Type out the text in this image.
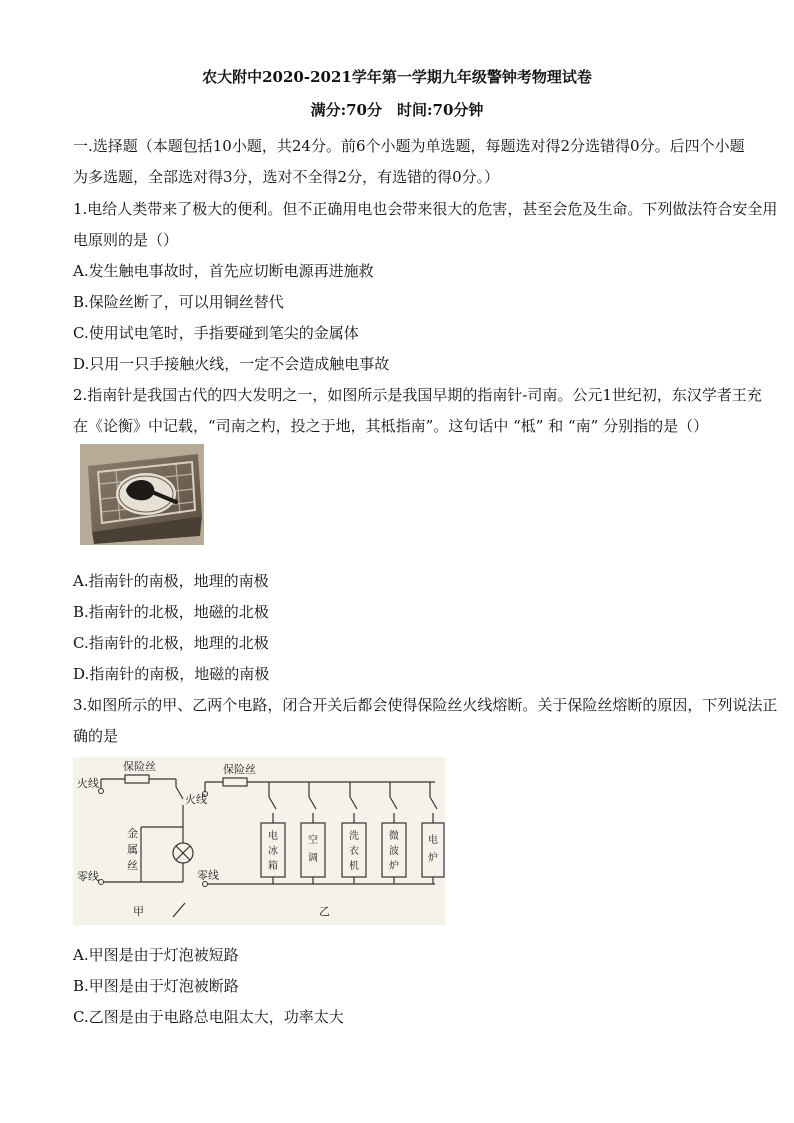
农大附中2020-2021学年第一学期九年级警钟考物理试卷
满分:70分　时间:70分钟
一.选择题（本题包括10小题，共24分。前6个小题为单选题，每题选对得2分选错得0分。后四个小题
为多选题，全部选对得3分，选对不全得2分，有选错的得0分。）
1.电给人类带来了极大的便利。但不正确用电也会带来很大的危害，甚至会危及生命。下列做法符合安全用
电原则的是（）
A.发生触电事故时，首先应切断电源再进施救
B.保险丝断了，可以用铜丝替代
C.使用试电笔时，手指要碰到笔尖的金属体
D.只用一只手接触火线，一定不会造成触电事故
2.指南针是我国古代的四大发明之一，如图所示是我国早期的指南针-司南。公元1世纪初，东汉学者王充
在《论衡》中记载，“司南之杓，投之于地，其柢指南”。这句话中 “柢” 和 “南” 分别指的是（）
A.指南针的南极，地理的南极
B.指南针的北极，地磁的北极
C.指南针的北极，地理的北极
D.指南针的南极，地磁的南极
3.如图所示的甲、乙两个电路，闭合开关后都会使得保险丝火线熔断。关于保险丝熔断的原因，下列说法正
确的是
保险丝
火线
金
属
丝
零线
甲
保险丝
火线
零线
乙
电
冰
箱
空
调
洗
衣
机
微
波
炉
电
炉
A.甲图是由于灯泡被短路
B.甲图是由于灯泡被断路
C.乙图是由于电路总电阻太大，功率太大
